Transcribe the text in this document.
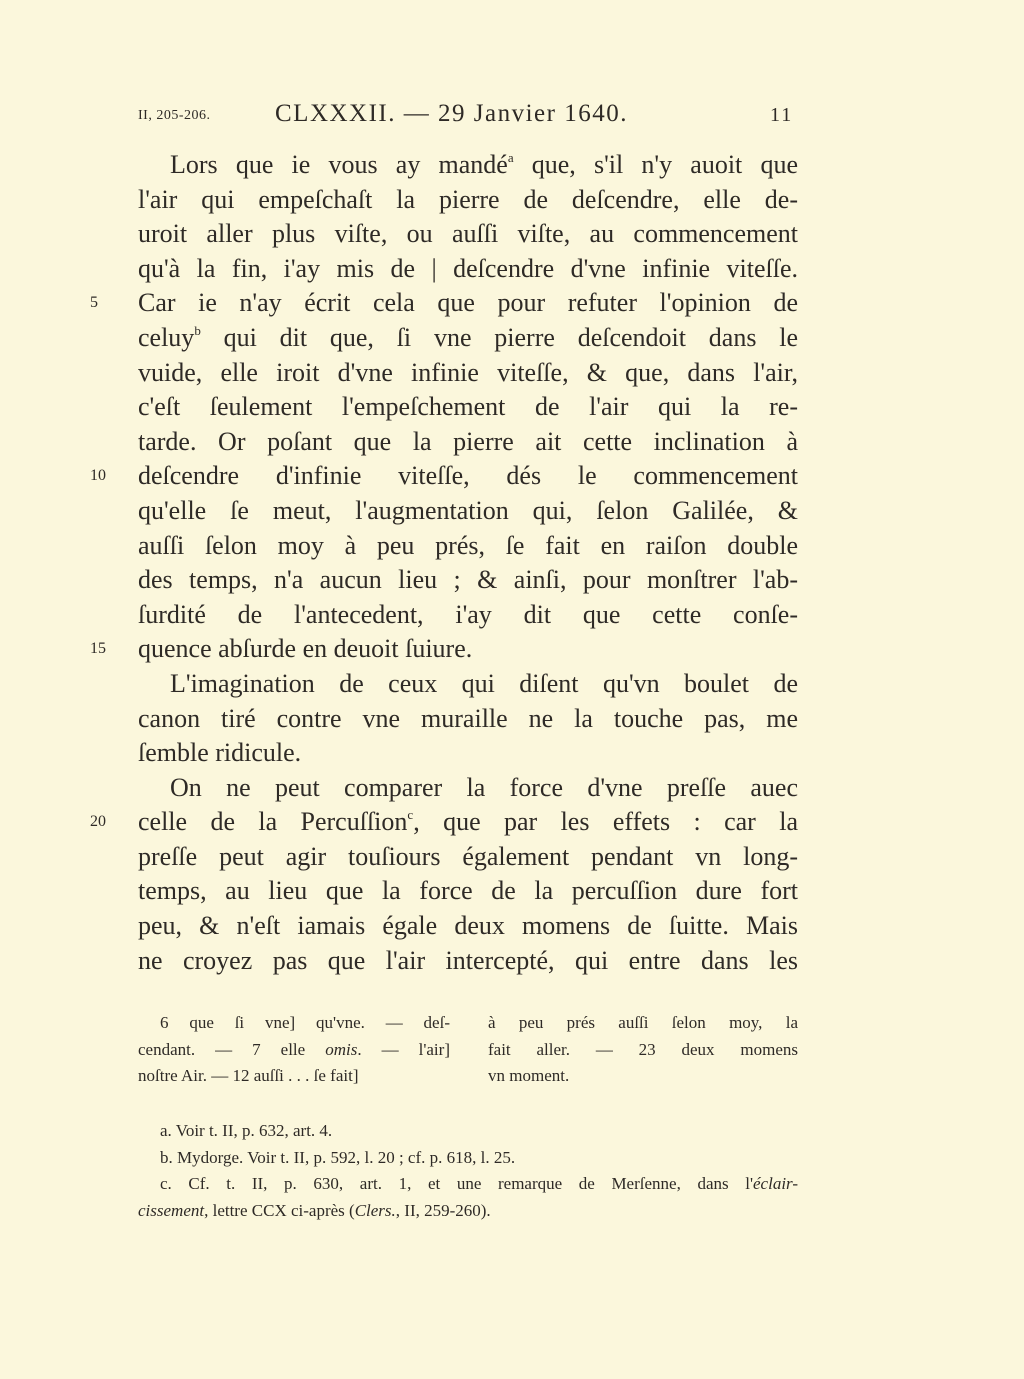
II, 205-206.	CLXXXII. — 29 Janvier 1640.	11
Lors que ie vous ay mandé$^a$ que, s'il n'y auoit que
l'air qui empeſchaſt la pierre de deſcendre, elle de-
uroit aller plus viſte, ou auſſi viſte, au commencement
qu'à la fin, i'ay mis de | deſcendre d'vne infinie viteſſe.
5	Car ie n'ay écrit cela que pour refuter l'opinion de
celuy$^b$ qui dit que, ſi vne pierre deſcendoit dans le
vuide, elle iroit d'vne infinie viteſſe, & que, dans l'air,
c'eſt ſeulement l'empeſchement de l'air qui la re-
tarde. Or poſant que la pierre ait cette inclination à
10	deſcendre d'infinie viteſſe, dés le commencement
qu'elle ſe meut, l'augmentation qui, ſelon Galilée, &
auſſi ſelon moy à peu prés, ſe fait en raiſon double
des temps, n'a aucun lieu ; & ainſi, pour monſtrer l'ab-
ſurdité de l'antecedent, i'ay dit que cette conſe-
15	quence abſurde en deuoit ſuiure.
L'imagination de ceux qui diſent qu'vn boulet de
canon tiré contre vne muraille ne la touche pas, me
ſemble ridicule.
On ne peut comparer la force d'vne preſſe auec
20	celle de la Percuſſion$^c$, que par les effets : car la
preſſe peut agir touſiours également pendant vn long-
temps, au lieu que la force de la percuſſion dure fort
peu, & n'eſt iamais égale deux momens de ſuitte. Mais
ne croyez pas que l'air intercepté, qui entre dans les
6 que ſi vne] qu'vne. — deſ-
cendant. — 7 elle omis. — l'air]
noſtre Air. — 12 auſſi . . . ſe fait]
à peu prés auſſi ſelon moy, la
fait aller. — 23 deux momens
vn moment.
a. Voir t. II, p. 632, art. 4.
b. Mydorge. Voir t. II, p. 592, l. 20 ; cf. p. 618, l. 25.
c. Cf. t. II, p. 630, art. 1, et une remarque de Merſenne, dans l'éclair-
cissement, lettre CCX ci-après (Clers., II, 259-260).
